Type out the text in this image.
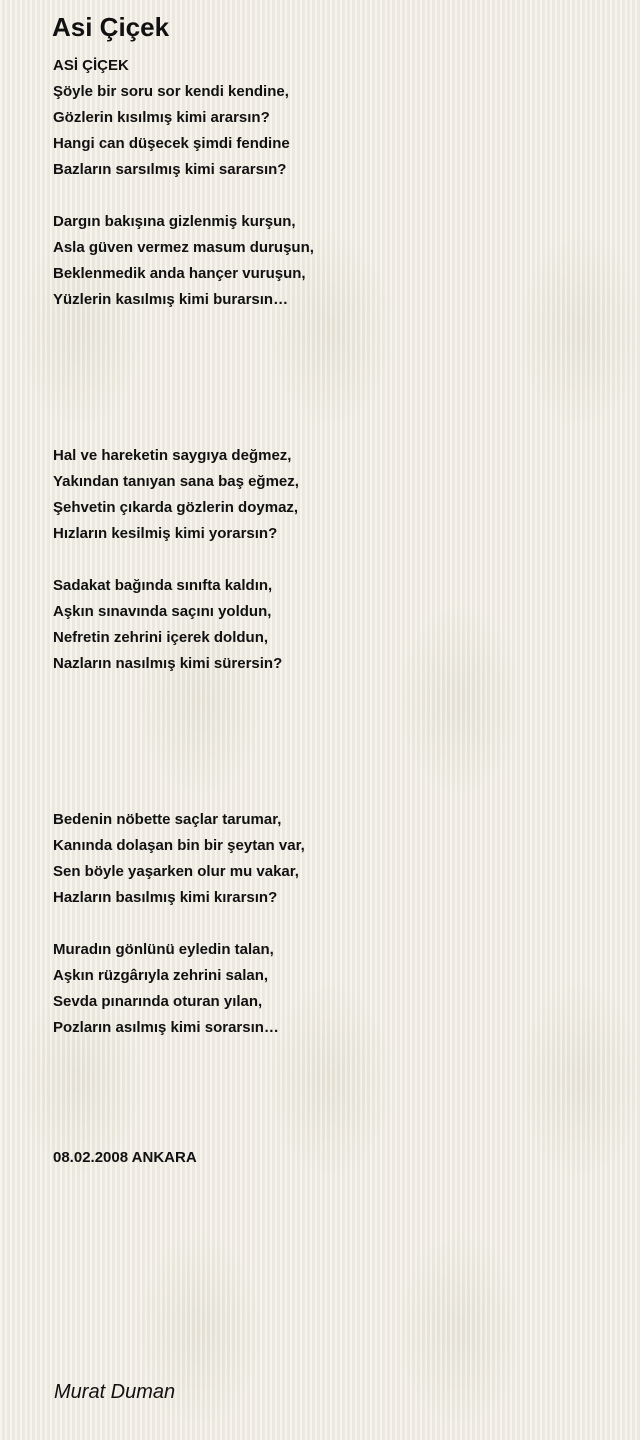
Asi Çiçek
ASİ ÇİÇEK
Şöyle bir soru sor kendi kendine,
Gözlerin kısılmış kimi ararsın?
Hangi can düşecek şimdi fendine
Bazların sarsılmış kimi sararsın?
Dargın bakışına gizlenmiş kurşun,
Asla güven vermez masum duruşun,
Beklenmedik anda hançer vuruşun,
Yüzlerin kasılmış kimi burarsın…
Hal ve hareketin saygıya değmez,
Yakından tanıyan sana baş eğmez,
Şehvetin çıkarda gözlerin doymaz,
Hızların kesilmiş kimi yorarsın?
Sadakat bağında sınıfta kaldın,
Aşkın sınavında saçını yoldun,
Nefretin zehrini içerek doldun,
Nazların nasılmış kimi sürersin?
Bedenin nöbette saçlar tarumar,
Kanında dolaşan bin bir şeytan var,
Sen böyle yaşarken olur mu vakar,
Hazların basılmış kimi kırarsın?
Muradın gönlünü eyledin talan,
Aşkın rüzgârıyla zehrini salan,
Sevda pınarında oturan yılan,
Pozların asılmış kimi sorarsın…
08.02.2008 ANKARA
Murat Duman
